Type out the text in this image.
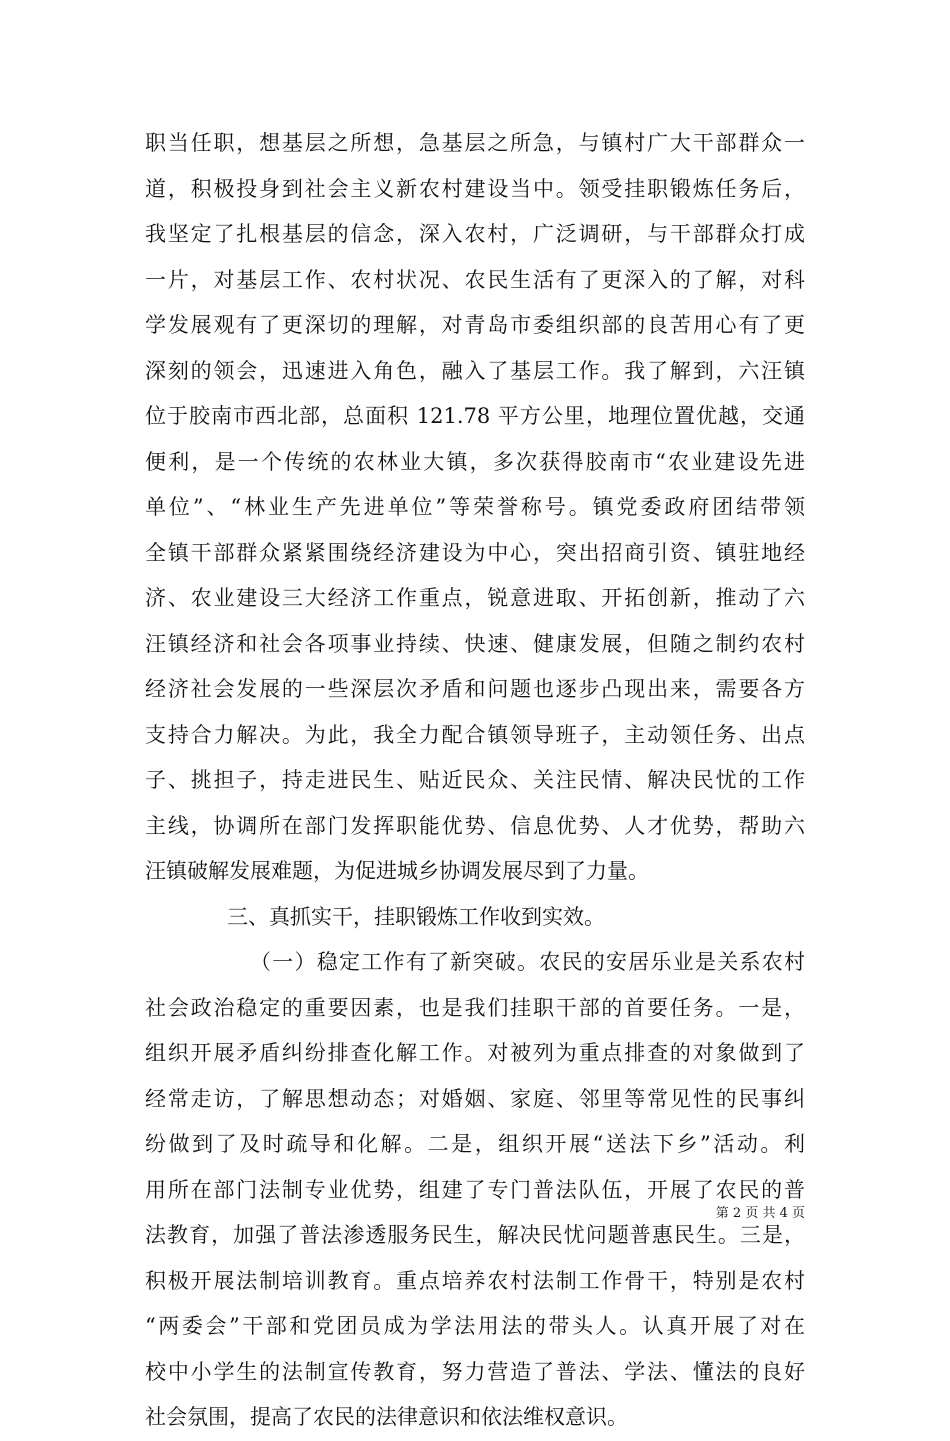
职当任职，想基层之所想，急基层之所急，与镇村广大干部群众一
道，积极投身到社会主义新农村建设当中。领受挂职锻炼任务后，
我坚定了扎根基层的信念，深入农村，广泛调研，与干部群众打成
一片，对基层工作、农村状况、农民生活有了更深入的了解，对科
学发展观有了更深切的理解，对青岛市委组织部的良苦用心有了更
深刻的领会，迅速进入角色，融入了基层工作。我了解到，六汪镇
位于胶南市西北部，总面积 121.78 平方公里，地理位置优越，交通
便利，是一个传统的农林业大镇，多次获得胶南市“农业建设先进
单位”、“林业生产先进单位”等荣誉称号。镇党委政府团结带领
全镇干部群众紧紧围绕经济建设为中心，突出招商引资、镇驻地经
济、农业建设三大经济工作重点，锐意进取、开拓创新，推动了六
汪镇经济和社会各项事业持续、快速、健康发展，但随之制约农村
经济社会发展的一些深层次矛盾和问题也逐步凸现出来，需要各方
支持合力解决。为此，我全力配合镇领导班子，主动领任务、出点
子、挑担子，持走进民生、贴近民众、关注民情、解决民忧的工作
主线，协调所在部门发挥职能优势、信息优势、人才优势，帮助六
汪镇破解发展难题，为促进城乡协调发展尽到了力量。
三、真抓实干，挂职锻炼工作收到实效。
（一）稳定工作有了新突破。农民的安居乐业是关系农村
社会政治稳定的重要因素，也是我们挂职干部的首要任务。一是，
组织开展矛盾纠纷排查化解工作。对被列为重点排查的对象做到了
经常走访，了解思想动态；对婚姻、家庭、邻里等常见性的民事纠
纷做到了及时疏导和化解。二是，组织开展“送法下乡”活动。利
用所在部门法制专业优势，组建了专门普法队伍，开展了农民的普
法教育，加强了普法渗透服务民生，解决民忧问题普惠民生。三是，
积极开展法制培训教育。重点培养农村法制工作骨干，特别是农村
“两委会”干部和党团员成为学法用法的带头人。认真开展了对在
校中小学生的法制宣传教育，努力营造了普法、学法、懂法的良好
社会氛围，提高了农民的法律意识和依法维权意识。
第 2 页 共 4 页
